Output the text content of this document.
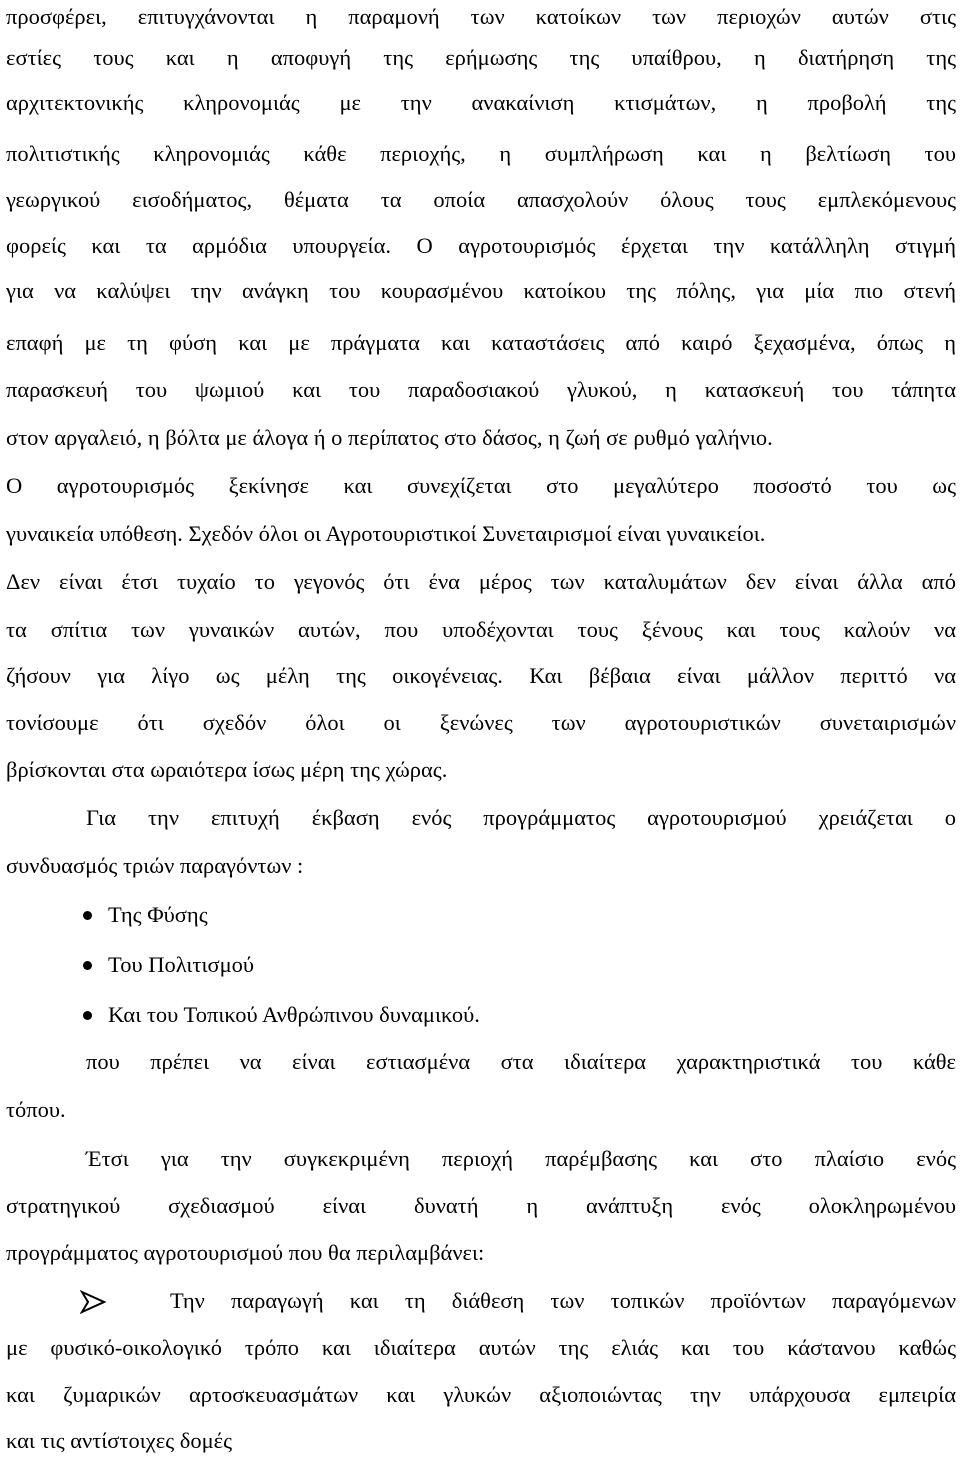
προσφέρει, επιτυγχάνονται η παραμονή των κατοίκων των περιοχών αυτών στις
εστίες τους και η αποφυγή της ερήμωσης της υπαίθρου, η διατήρηση της
αρχιτεκτονικής κληρονομιάς με την ανακαίνιση κτισμάτων, η προβολή της
πολιτιστικής κληρονομιάς κάθε περιοχής, η συμπλήρωση και η βελτίωση του
γεωργικού εισοδήματος, θέματα τα οποία απασχολούν όλους τους εμπλεκόμενους
φορείς και τα αρμόδια υπουργεία. Ο αγροτουρισμός έρχεται την κατάλληλη στιγμή
για να καλύψει την ανάγκη του κουρασμένου κατοίκου της πόλης, για μία πιο στενή
επαφή με τη φύση και με πράγματα και καταστάσεις από καιρό ξεχασμένα, όπως η
παρασκευή του ψωμιού και του παραδοσιακού γλυκού, η κατασκευή του τάπητα
στον αργαλειό, η βόλτα με άλογα ή ο περίπατος στο δάσος, η ζωή σε ρυθμό γαλήνιο.
Ο αγροτουρισμός ξεκίνησε και συνεχίζεται στο μεγαλύτερο ποσοστό του ως
γυναικεία υπόθεση. Σχεδόν όλοι οι Αγροτουριστικοί Συνεταιρισμοί είναι γυναικείοι.
Δεν είναι έτσι τυχαίο το γεγονός ότι ένα μέρος των καταλυμάτων δεν είναι άλλα από
τα σπίτια των γυναικών αυτών, που υποδέχονται τους ξένους και τους καλούν να
ζήσουν για λίγο ως μέλη της οικογένειας. Και βέβαια είναι μάλλον περιττό να
τονίσουμε ότι σχεδόν όλοι οι ξενώνες των αγροτουριστικών συνεταιρισμών
βρίσκονται στα ωραιότερα ίσως μέρη της χώρας.
Για την επιτυχή έκβαση ενός προγράμματος αγροτουρισμού χρειάζεται ο
συνδυασμός τριών παραγόντων :
Της Φύσης
Του Πολιτισμού
Και του Τοπικού Ανθρώπινου δυναμικού.
που πρέπει να είναι εστιασμένα στα ιδιαίτερα χαρακτηριστικά του κάθε
τόπου.
Έτσι για την συγκεκριμένη περιοχή παρέμβασης και στο πλαίσιο ενός
στρατηγικού σχεδιασμού είναι δυνατή η ανάπτυξη ενός ολοκληρωμένου
προγράμματος αγροτουρισμού που θα περιλαμβάνει:
Την παραγωγή και τη διάθεση των τοπικών προϊόντων παραγόμενων
με φυσικό-οικολογικό τρόπο και ιδιαίτερα αυτών της ελιάς και του κάστανου καθώς
και ζυμαρικών αρτοσκευασμάτων και γλυκών αξιοποιώντας την υπάρχουσα εμπειρία
και τις αντίστοιχες δομές
